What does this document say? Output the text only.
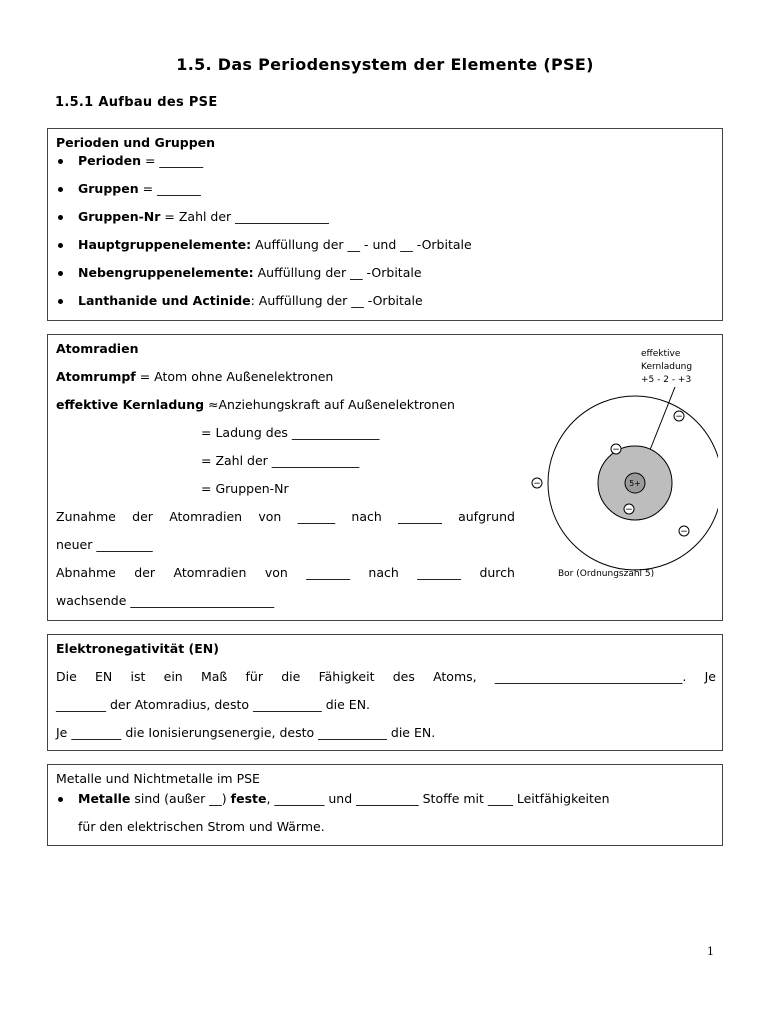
1.5. Das Periodensystem der Elemente (PSE)
1.5.1 Aufbau des PSE
Perioden und Gruppen
Perioden = _______
Gruppen = _______
Gruppen-Nr = Zahl der _______________
Hauptgruppenelemente: Auffüllung der __ - und __ -Orbitale
Nebengruppenelemente: Auffüllung der __ -Orbitale
Lanthanide und Actinide: Auffüllung der __ -Orbitale
Atomradien
Atomrumpf = Atom ohne Außenelektronen
effektive Kernladung ≈Anziehungskraft auf Außenelektronen
= Ladung des ______________
= Zahl der ______________
= Gruppen-Nr
Zunahme der Atomradien von ______ nach _______ aufgrund
neuer _________
Abnahme der Atomradien von _______ nach _______ durch
wachsende _______________________
effektive
Kernladung
+5 - 2 - +3
5+
−
−
−
−
−
Bor (Ordnungszahl 5)
Elektronegativität (EN)
Die EN ist ein Maß für die Fähigkeit des Atoms, ______________________________. Je
________ der Atomradius, desto ___________ die EN.
Je ________ die Ionisierungsenergie, desto ___________ die EN.
Metalle und Nichtmetalle im PSE
Metalle sind (außer __) feste, ________ und __________ Stoffe mit ____ Leitfähigkeiten
für den elektrischen Strom und Wärme.
1
